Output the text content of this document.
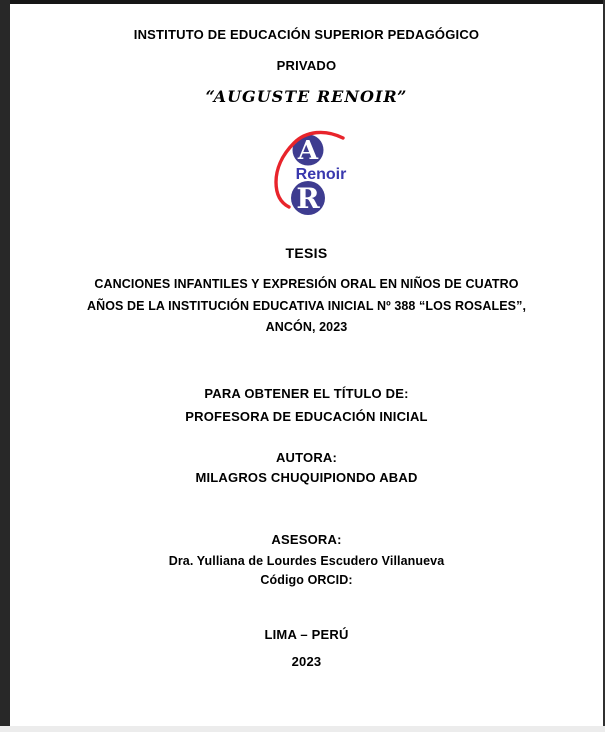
INSTITUTO DE EDUCACIÓN SUPERIOR PEDAGÓGICO
PRIVADO
“AUGUSTE RENOIR”
A
R
Renoir
TESIS
CANCIONES INFANTILES Y EXPRESIÓN ORAL EN NIÑOS DE CUATRO
AÑOS DE LA INSTITUCIÓN EDUCATIVA INICIAL Nº 388 “LOS ROSALES”,
ANCÓN, 2023
PARA OBTENER EL TÍTULO DE:
PROFESORA DE EDUCACIÓN INICIAL
AUTORA:
MILAGROS CHUQUIPIONDO ABAD
ASESORA:
Dra. Yulliana de Lourdes Escudero Villanueva
Código ORCID:
LIMA – PERÚ
2023
